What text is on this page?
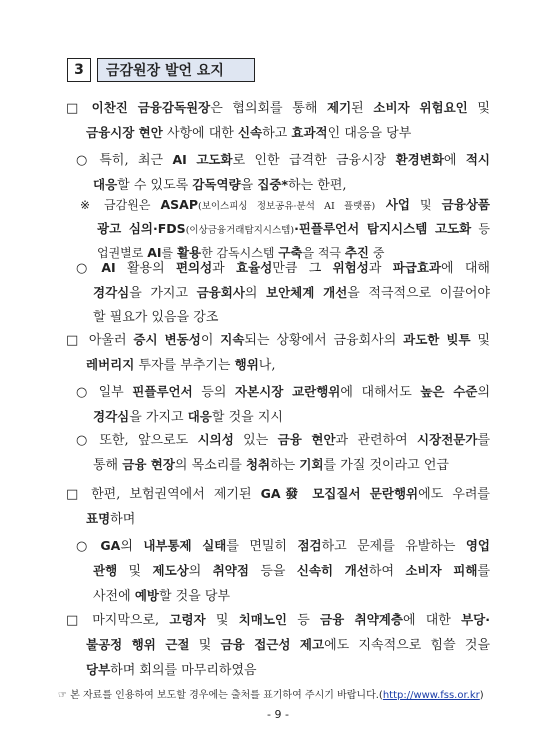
3	금감원장 발언 요지
□ 이찬진 금융감독원장은 협의회를 통해 제기된 소비자 위험요인 및
금융시장 현안 사항에 대한 신속하고 효과적인 대응을 당부
○ 특히, 최근 AI 고도화로 인한 급격한 금융시장 환경변화에 적시
대응할 수 있도록 감독역량을 집중*하는 한편,
※ 금감원은 ASAP(보이스피싱 정보공유·분석 AI 플랫폼) 사업 및 금융상품
광고 심의·FDS(이상금융거래탐지시스템)·핀플루언서 탐지시스템 고도화 등
업권별로 AI를 활용한 감독시스템 구축을 적극 추진 중
○ AI 활용의 편의성과 효율성만큼 그 위험성과 파급효과에 대해
경각심을 가지고 금융회사의 보안체계 개선을 적극적으로 이끌어야
할 필요가 있음을 강조
□ 아울러 증시 변동성이 지속되는 상황에서 금융회사의 과도한 빚투 및
레버리지 투자를 부추기는 행위나,
○ 일부 핀플루언서 등의 자본시장 교란행위에 대해서도 높은 수준의
경각심을 가지고 대응할 것을 지시
○ 또한, 앞으로도 시의성 있는 금융 현안과 관련하여 시장전문가를
통해 금융 현장의 목소리를 청취하는 기회를 가질 것이라고 언급
□ 한편, 보험권역에서 제기된 GA發 모집질서 문란행위에도 우려를
표명하며
○ GA의 내부통제 실태를 면밀히 점검하고 문제를 유발하는 영업
관행 및 제도상의 취약점 등을 신속히 개선하여 소비자 피해를
사전에 예방할 것을 당부
□ 마지막으로, 고령자 및 치매노인 등 금융 취약계층에 대한 부당·
불공정 행위 근절 및 금융 접근성 제고에도 지속적으로 힘쓸 것을
당부하며 회의를 마무리하였음
☞ 본 자료를 인용하여 보도할 경우에는 출처를 표기하여 주시기 바랍니다.(http://www.fss.or.kr)
- 9 -
